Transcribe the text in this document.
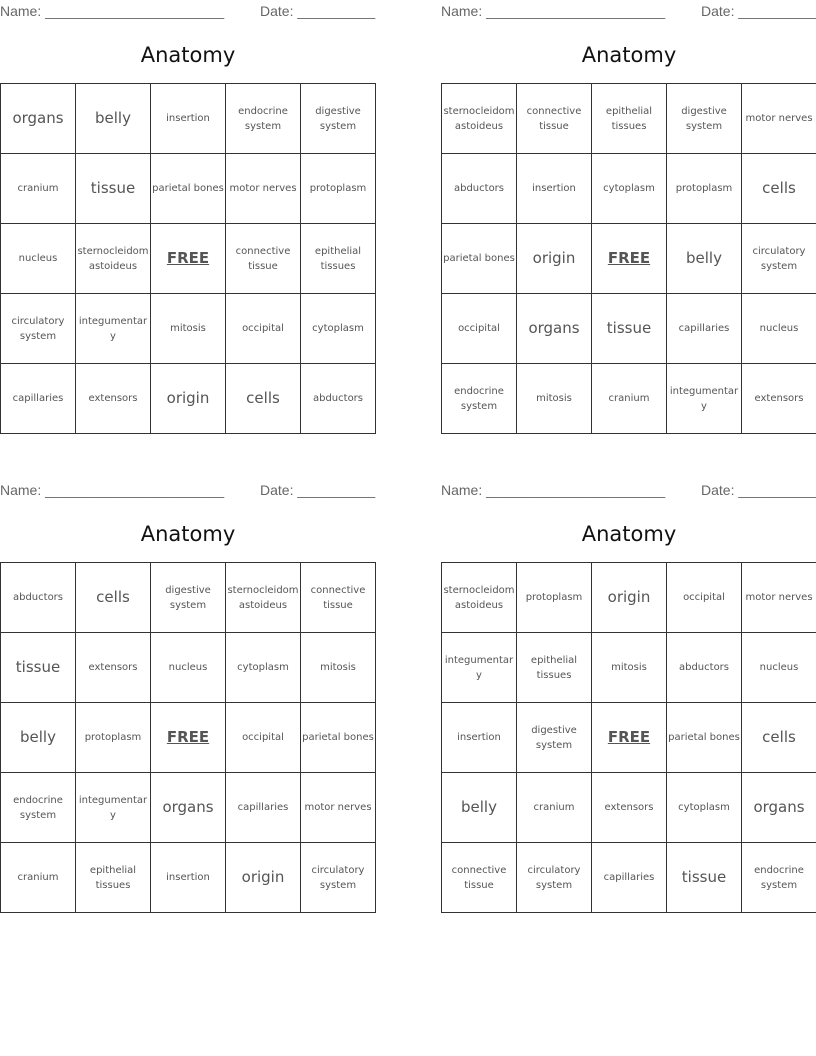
Name: _______________________	Date: __________
Anatomy
organs	belly	insertion	endocrine system	digestive system
cranium	tissue	parietal bones	motor nerves	protoplasm
nucleus	sternocleidomastoideus	FREE	connective tissue	epithelial tissues
circulatory system	integumentary	mitosis	occipital	cytoplasm
capillaries	extensors	origin	cells	abductors
Name: _______________________	Date: __________
Anatomy
sternocleidomastoideus	connective tissue	epithelial tissues	digestive system	motor nerves
abductors	insertion	cytoplasm	protoplasm	cells
parietal bones	origin	FREE	belly	circulatory system
occipital	organs	tissue	capillaries	nucleus
endocrine system	mitosis	cranium	integumentary	extensors
Name: _______________________	Date: __________
Anatomy
abductors	cells	digestive system	sternocleidomastoideus	connective tissue
tissue	extensors	nucleus	cytoplasm	mitosis
belly	protoplasm	FREE	occipital	parietal bones
endocrine system	integumentary	organs	capillaries	motor nerves
cranium	epithelial tissues	insertion	origin	circulatory system
Name: _______________________	Date: __________
Anatomy
sternocleidomastoideus	protoplasm	origin	occipital	motor nerves
integumentary	epithelial tissues	mitosis	abductors	nucleus
insertion	digestive system	FREE	parietal bones	cells
belly	cranium	extensors	cytoplasm	organs
connective tissue	circulatory system	capillaries	tissue	endocrine system
